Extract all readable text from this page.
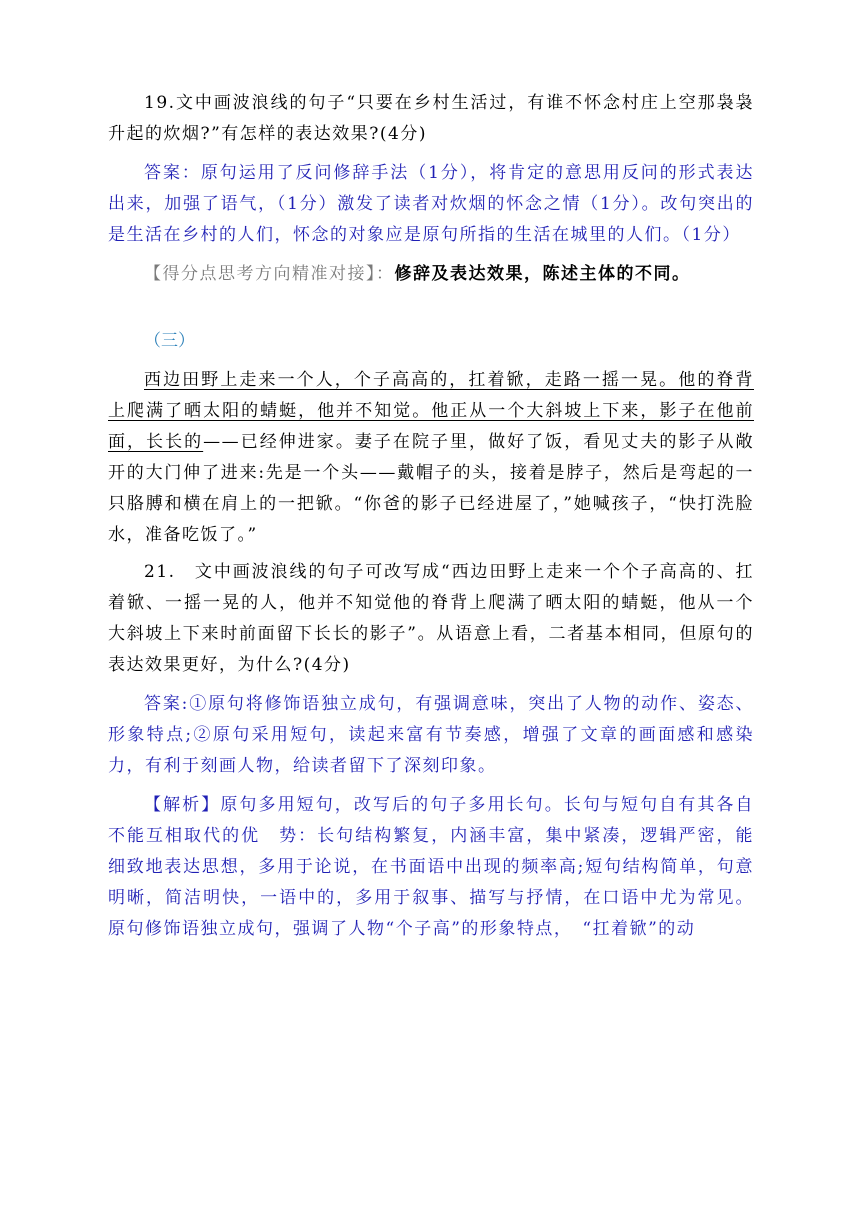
19.文中画波浪线的句子“只要在乡村生活过，有谁不怀念村庄上空那袅袅升起的炊烟?”有怎样的表达效果?(4分)

答案：原句运用了反问修辞手法（1分），将肯定的意思用反问的形式表达出来，加强了语气，（1分）激发了读者对炊烟的怀念之情（1分）。改句突出的是生活在乡村的人们，怀念的对象应是原句所指的生活在城里的人们。（1分）

【得分点思考方向精准对接】：修辞及表达效果，陈述主体的不同。

（三）

西边田野上走来一个人，个子高高的，扛着锨，走路一摇一晃。他的脊背上爬满了晒太阳的蜻蜓，他并不知觉。他正从一个大斜坡上下来，影子在他前面，长长的——已经伸进家。妻子在院子里，做好了饭，看见丈夫的影子从敞开的大门伸了进来:先是一个头——戴帽子的头，接着是脖子，然后是弯起的一只胳膊和横在肩上的一把锨。“你爸的影子已经进屋了，”她喊孩子，“快打洗脸水，准备吃饭了。”

21.　文中画波浪线的句子可改写成“西边田野上走来一个个子高高的、扛着锨、一摇一晃的人，他并不知觉他的脊背上爬满了晒太阳的蜻蜓，他从一个大斜坡上下来时前面留下长长的影子”。从语意上看，二者基本相同，但原句的表达效果更好，为什么?(4分)

答案:①原句将修饰语独立成句，有强调意味，突出了人物的动作、姿态、形象特点;②原句采用短句，读起来富有节奏感，增强了文章的画面感和感染力，有利于刻画人物，给读者留下了深刻印象。

【解析】原句多用短句，改写后的句子多用长句。长句与短句自有其各自不能互相取代的优　势：长句结构繁复，内涵丰富，集中紧凑，逻辑严密，能细致地表达思想，多用于论说，在书面语中出现的频率高;短句结构简单，句意明晰，简洁明快，一语中的，多用于叙事、描写与抒情，在口语中尤为常见。原句修饰语独立成句，强调了人物“个子高”的形象特点，　“扛着锨”的动
